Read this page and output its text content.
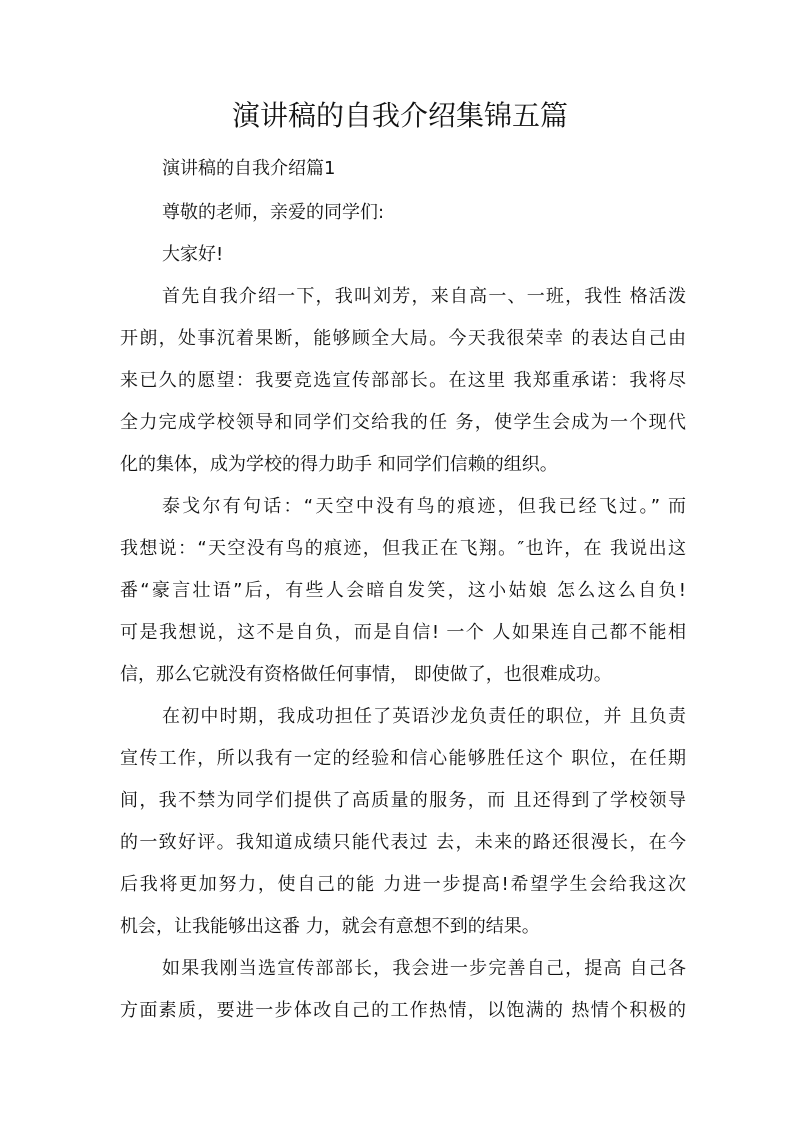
演讲稿的自我介绍集锦五篇

演讲稿的自我介绍篇1

尊敬的老师，亲爱的同学们:

大家好!

首先自我介绍一下，我叫刘芳，来自高一、一班，我性 格活泼

开朗，处事沉着果断，能够顾全大局。今天我很荣幸 的表达自己由

来已久的愿望：我要竞选宣传部部长。在这里 我郑重承诺：我将尽

全力完成学校领导和同学们交给我的任 务，使学生会成为一个现代

化的集体，成为学校的得力助手 和同学们信赖的组织。

泰戈尔有句话：“天空中没有鸟的痕迹，但我已经飞过。” 而

我想说：“天空没有鸟的痕迹，但我正在飞翔。″也许，在 我说出这

番“豪言壮语”后，有些人会暗自发笑，这小姑娘 怎么这么自负!

可是我想说，这不是自负，而是自信! 一个 人如果连自己都不能相

信，那么它就没有资格做任何事情， 即使做了，也很难成功。

在初中时期，我成功担任了英语沙龙负责任的职位，并 且负责

宣传工作，所以我有一定的经验和信心能够胜任这个 职位，在任期

间，我不禁为同学们提供了高质量的服务，而 且还得到了学校领导

的一致好评。我知道成绩只能代表过 去，未来的路还很漫长，在今

后我将更加努力，使自己的能 力进一步提高!希望学生会给我这次

机会，让我能够出这番 力，就会有意想不到的结果。

如果我刚当选宣传部部长，我会进一步完善自己，提高 自己各

方面素质，要进一步体改自己的工作热情，以饱满的 热情个积极的
